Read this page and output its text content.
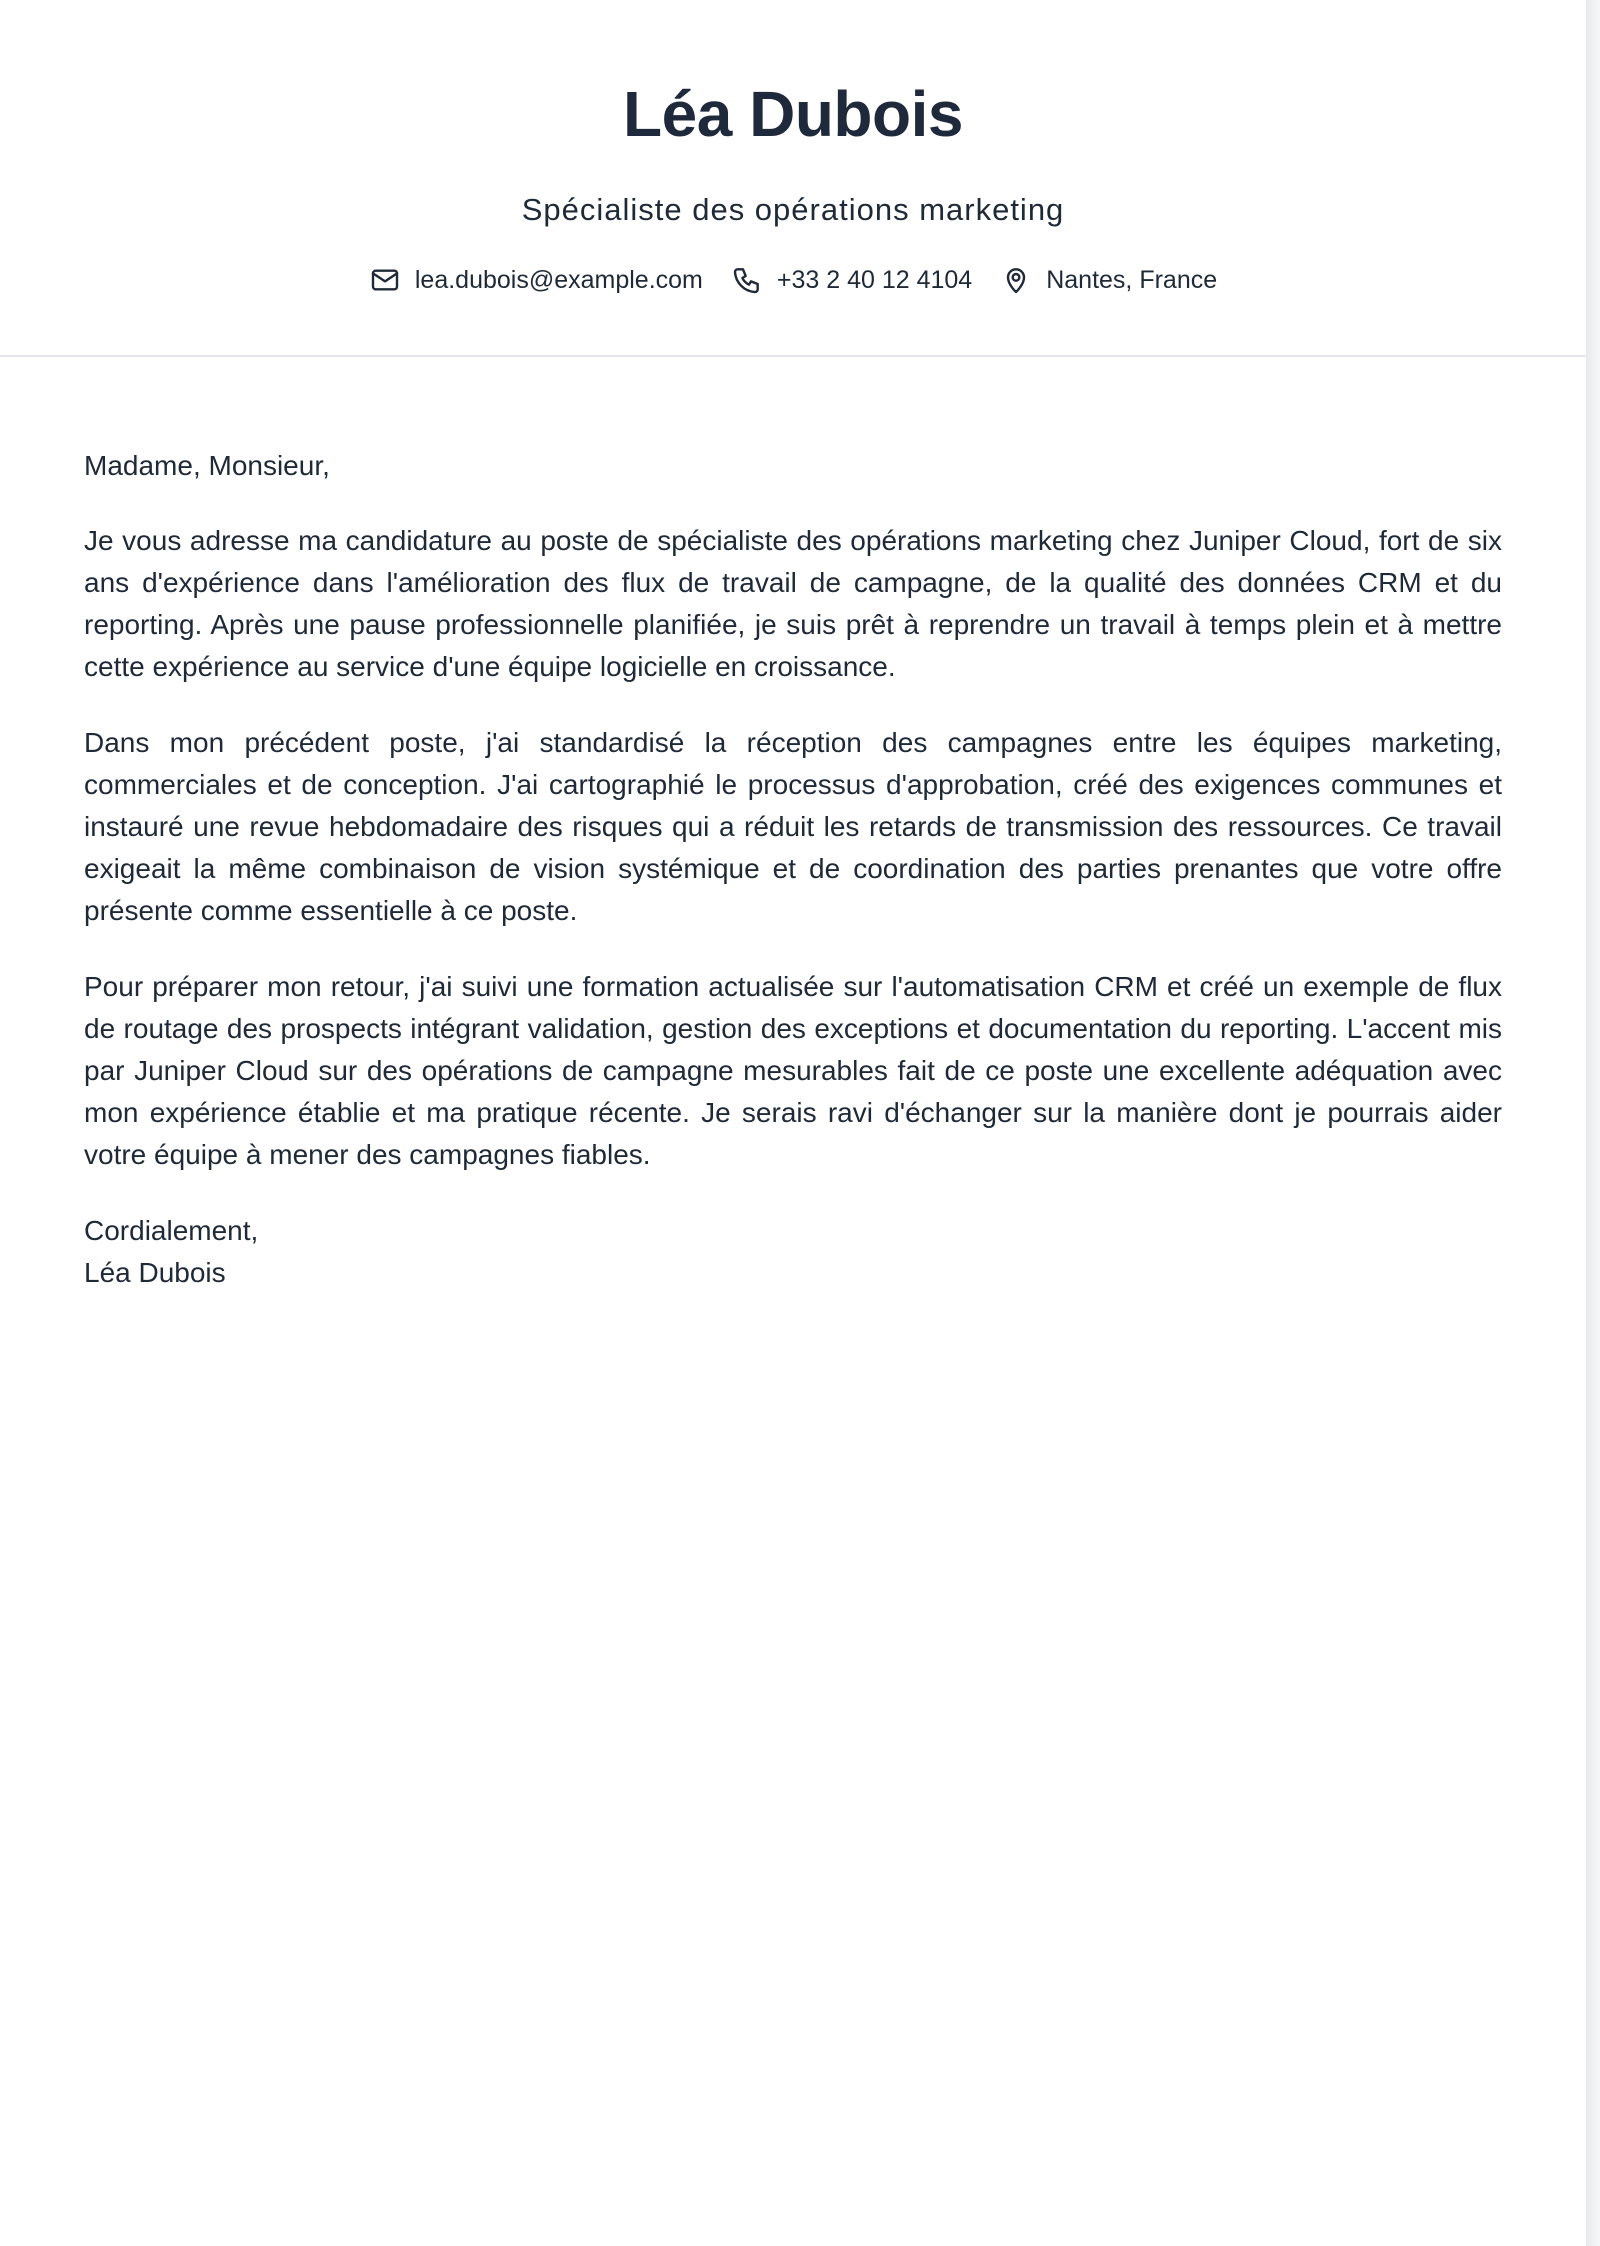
Léa Dubois
Spécialiste des opérations marketing
lea.dubois@example.com	+33 2 40 12 4104	Nantes, France

Madame, Monsieur,

Je vous adresse ma candidature au poste de spécialiste des opérations marketing chez Juniper Cloud, fort de six ans d'expérience dans l'amélioration des flux de travail de campagne, de la qualité des données CRM et du reporting. Après une pause professionnelle planifiée, je suis prêt à reprendre un travail à temps plein et à mettre cette expérience au service d'une équipe logicielle en croissance.

Dans mon précédent poste, j'ai standardisé la réception des campagnes entre les équipes marketing, commerciales et de conception. J'ai cartographié le processus d'approbation, créé des exigences communes et instauré une revue hebdomadaire des risques qui a réduit les retards de transmission des ressources. Ce travail exigeait la même combinaison de vision systémique et de coordination des parties prenantes que votre offre présente comme essentielle à ce poste.

Pour préparer mon retour, j'ai suivi une formation actualisée sur l'automatisation CRM et créé un exemple de flux de routage des prospects intégrant validation, gestion des exceptions et documentation du reporting. L'accent mis par Juniper Cloud sur des opérations de campagne mesurables fait de ce poste une excellente adéquation avec mon expérience établie et ma pratique récente. Je serais ravi d'échanger sur la manière dont je pourrais aider votre équipe à mener des campagnes fiables.

Cordialement,
Léa Dubois
